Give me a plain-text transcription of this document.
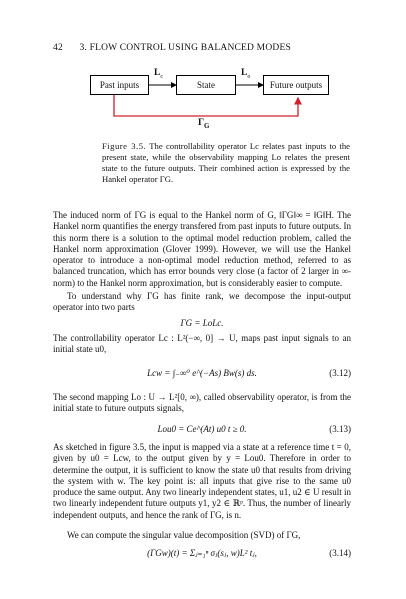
42 3. FLOW CONTROL USING BALANCED MODES
Past inputs	State	Future outputs
$L_c$	$L_o$
$\Gamma_G$
Figure 3.5. The controllability operator Lc relates past inputs to the present state, while the observability mapping Lo relates the present state to the future outputs. Their combined action is expressed by the Hankel operator ΓG.
The induced norm of ΓG is equal to the Hankel norm of G, ‖ΓG‖∞ = ‖G‖H. The Hankel norm quantifies the energy transfered from past inputs to future outputs. In this norm there is a solution to the optimal model reduction problem, called the Hankel norm approximation (Glover 1999). However, we will use the Hankel operator to introduce a non-optimal model reduction method, referred to as balanced truncation, which has error bounds very close (a factor of 2 larger in ∞-norm) to the Hankel norm approximation, but is considerably easier to compute.
To understand why ΓG has finite rank, we decompose the input-output operator into two parts
ΓG = LoLc.
The controllability operator Lc : L²(−∞, 0] → U, maps past input signals to an initial state u0,
Lcw = ∫₋∞⁰ e^(−As) Bw(s) ds.	(3.12)
The second mapping Lo : U → L²[0, ∞), called observability operator, is from the initial state to future outputs signals,
Lou0 = Ce^(At) u0 t ≥ 0.	(3.13)
As sketched in figure 3.5, the input is mapped via a state at a reference time t = 0, given by u0 = Lcw, to the output given by y = Lou0. Therefore in order to determine the output, it is sufficient to know the state u0 that results from driving the system with w. The key point is: all inputs that give rise to the same u0 produce the same output. Any two linearly independent states, u1, u2 ∈ U result in two linearly independent future outputs y1, y2 ∈ ℝᵖ. Thus, the number of linearly independent outputs, and hence the rank of ΓG, is n.
We can compute the singular value decomposition (SVD) of ΓG,
(ΓGw)(t) = Σⱼ₌₁ⁿ σⱼ(sⱼ, w)L² tⱼ,	(3.14)
